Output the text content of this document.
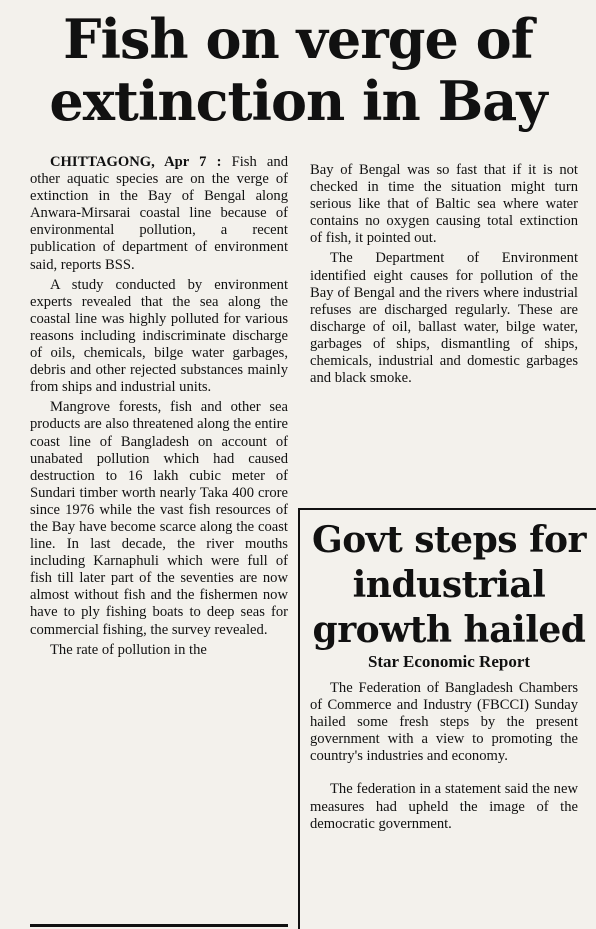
Fish on verge of
extinction in Bay

CHITTAGONG, Apr 7 : Fish and other aquatic species are on the verge of extinction in the Bay of Bengal along Anwara-Mirsarai coastal line because of environmental pollution, a recent publication of department of environment said, reports BSS.

A study conducted by environment experts revealed that the sea along the coastal line was highly polluted for various reasons including indiscriminate discharge of oils, chemicals, bilge water garbages, debris and other rejected substances mainly from ships and industrial units.

Mangrove forests, fish and other sea products are also threatened along the entire coast line of Bangladesh on account of unabated pollution which had caused destruction to 16 lakh cubic meter of Sundari timber worth nearly Taka 400 crore since 1976 while the vast fish resources of the Bay have become scarce along the coast line. In last decade, the river mouths including Karnaphuli which were full of fish till later part of the seventies are now almost without fish and the fishermen now have to ply fishing boats to deep seas for commercial fishing, the survey revealed.

The rate of pollution in the

Bay of Bengal was so fast that if it is not checked in time the situation might turn serious like that of Baltic sea where water contains no oxygen causing total extinction of fish, it pointed out.

The Department of Environment identified eight causes for pollution of the Bay of Bengal and the rivers where industrial refuses are discharged regularly. These are discharge of oil, ballast water, bilge water, garbages of ships, dismantling of ships, chemicals, industrial and domestic garbages and black smoke.

Govt steps for
industrial
growth hailed
Star Economic Report

The Federation of Bangladesh Chambers of Commerce and Industry (FBCCI) Sunday hailed some fresh steps by the present government with a view to promoting the country's industries and economy.

The federation in a statement said the new measures had upheld the image of the democratic government.
